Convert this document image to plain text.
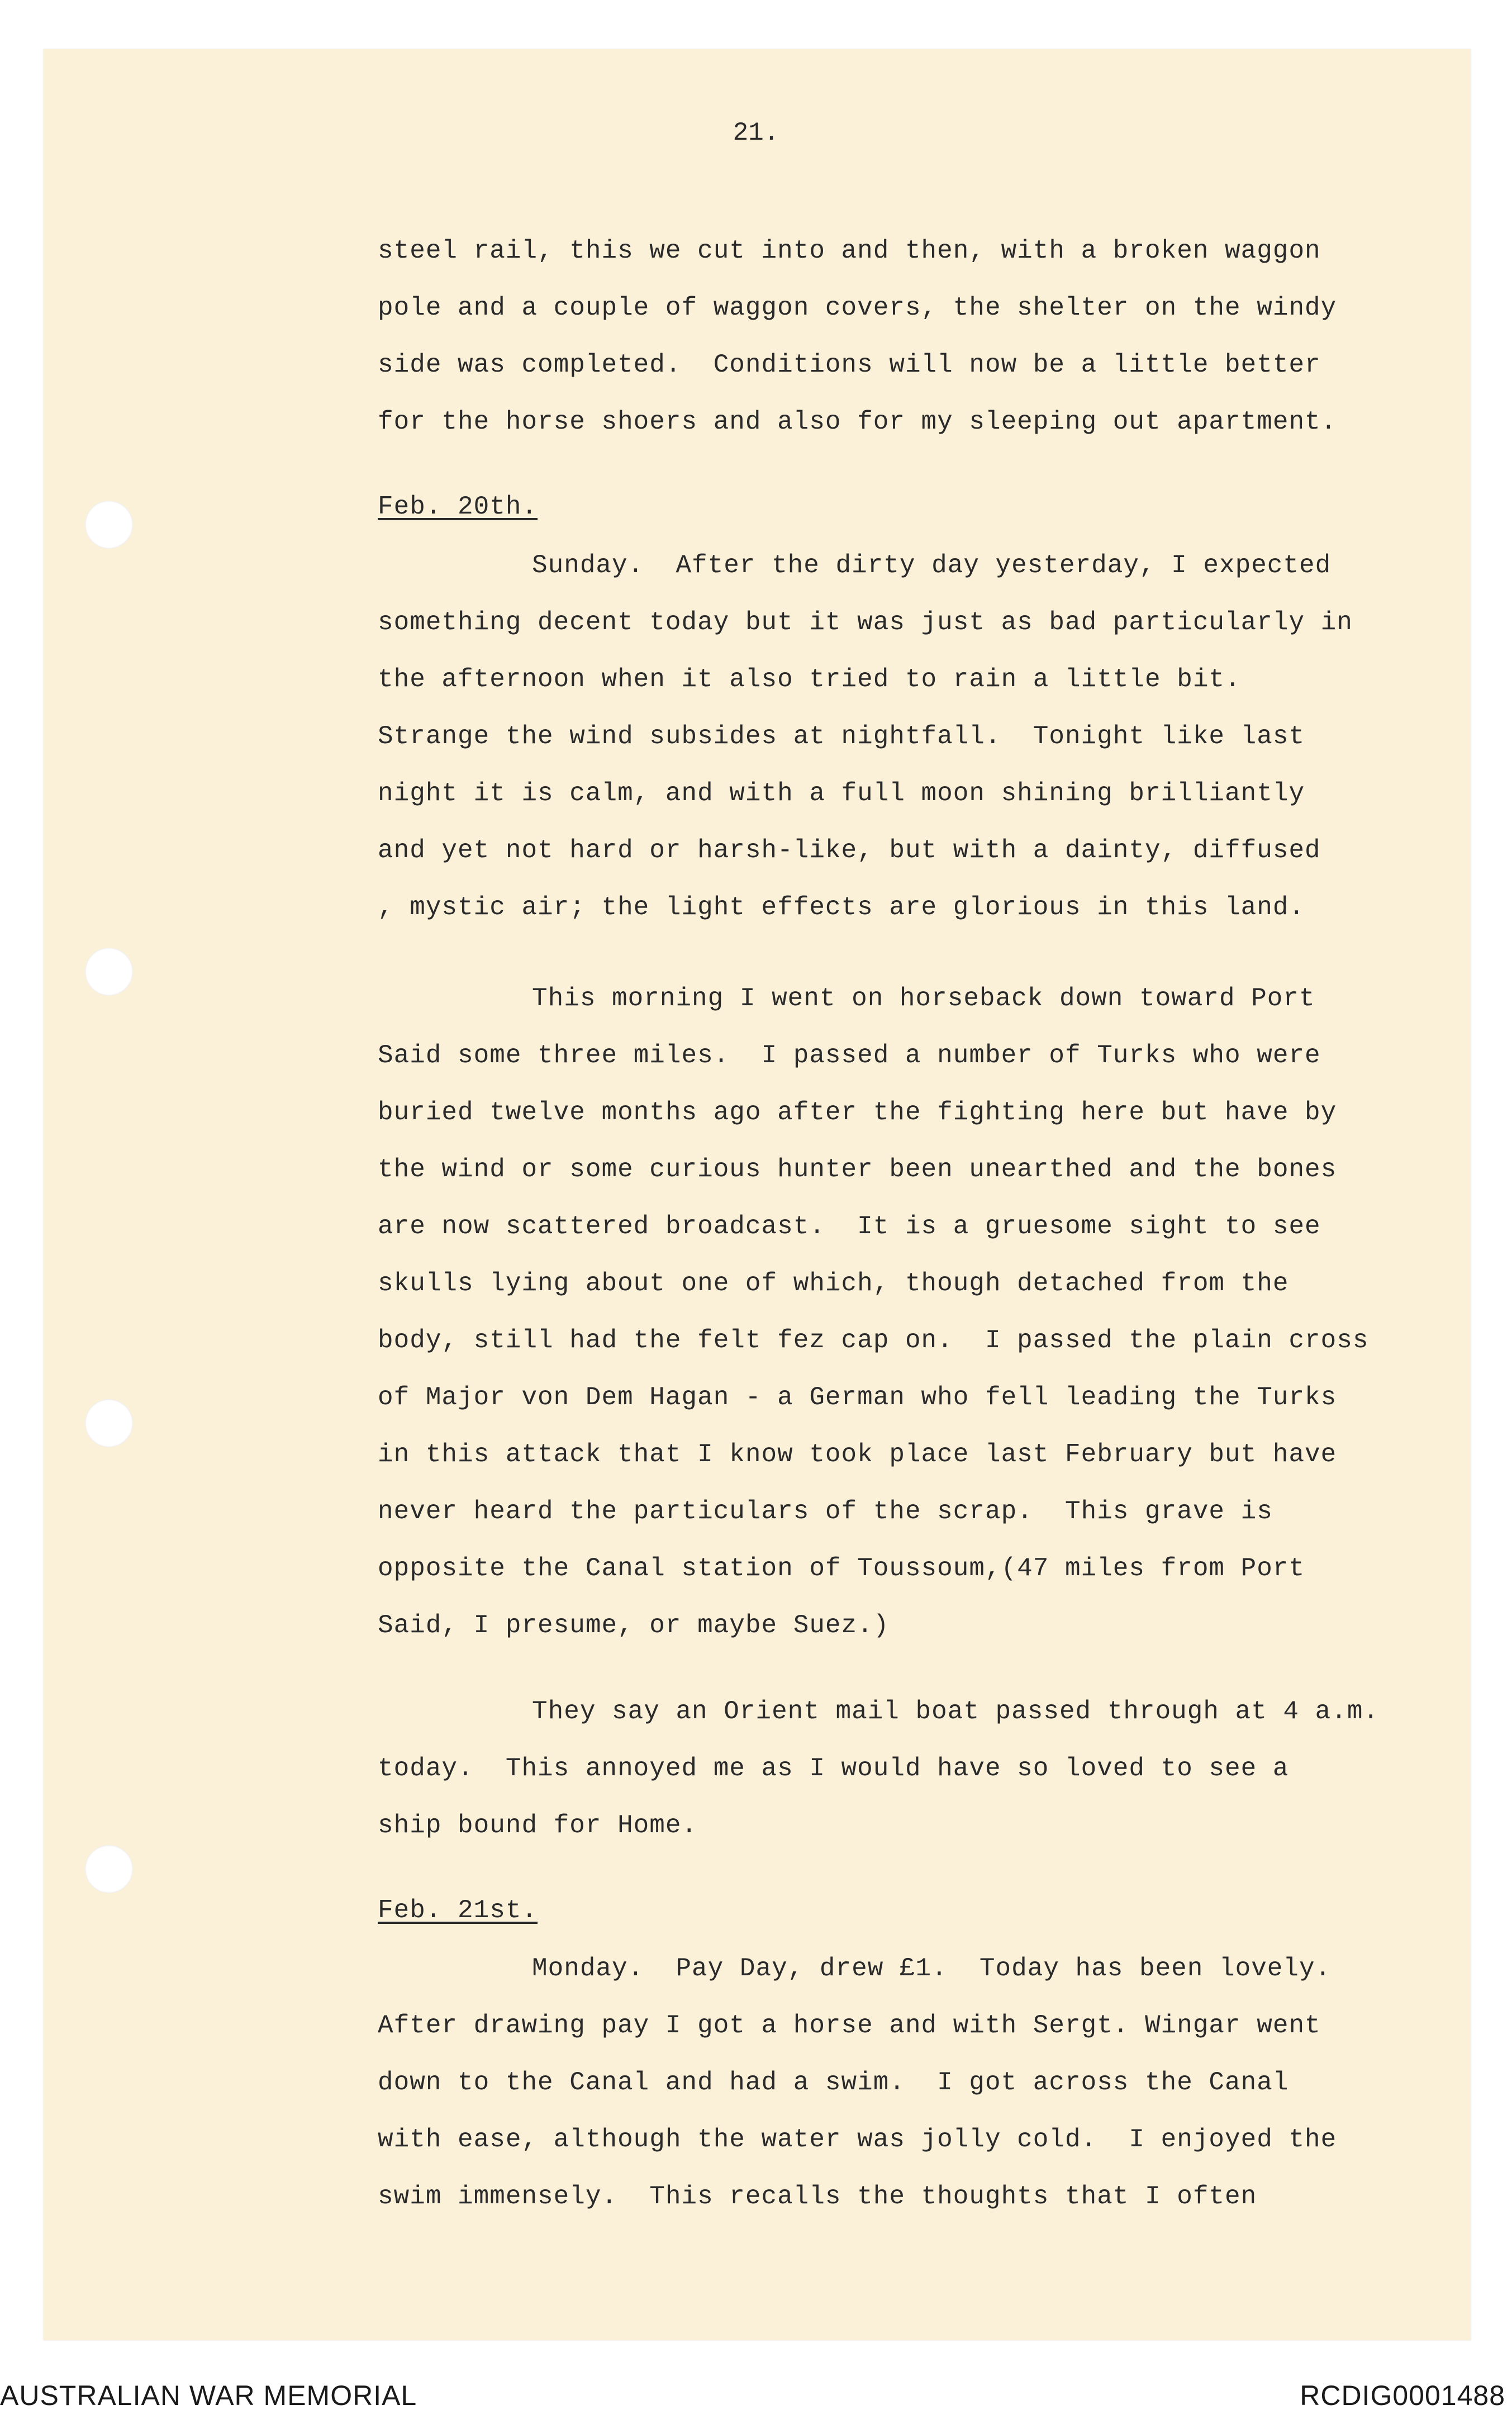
21.
steel rail, this we cut into and then, with a broken waggon
pole and a couple of waggon covers, the shelter on the windy
side was completed.  Conditions will now be a little better
for the horse shoers and also for my sleeping out apartment.
Feb. 20th.
Sunday.  After the dirty day yesterday, I expected
something decent today but it was just as bad particularly in
the afternoon when it also tried to rain a little bit.
Strange the wind subsides at nightfall.  Tonight like last
night it is calm, and with a full moon shining brilliantly
and yet not hard or harsh-like, but with a dainty, diffused
, mystic air; the light effects are glorious in this land.
This morning I went on horseback down toward Port
Said some three miles.  I passed a number of Turks who were
buried twelve months ago after the fighting here but have by
the wind or some curious hunter been unearthed and the bones
are now scattered broadcast.  It is a gruesome sight to see
skulls lying about one of which, though detached from the
body, still had the felt fez cap on.  I passed the plain cross
of Major von Dem Hagan - a German who fell leading the Turks
in this attack that I know took place last February but have
never heard the particulars of the scrap.  This grave is
opposite the Canal station of Toussoum,(47 miles from Port
Said, I presume, or maybe Suez.)
They say an Orient mail boat passed through at 4 a.m.
today.  This annoyed me as I would have so loved to see a
ship bound for Home.
Feb. 21st.
Monday.  Pay Day, drew £1.  Today has been lovely.
After drawing pay I got a horse and with Sergt. Wingar went
down to the Canal and had a swim.  I got across the Canal
with ease, although the water was jolly cold.  I enjoyed the
swim immensely.  This recalls the thoughts that I often
AUSTRALIAN WAR MEMORIAL	RCDIG0001488
